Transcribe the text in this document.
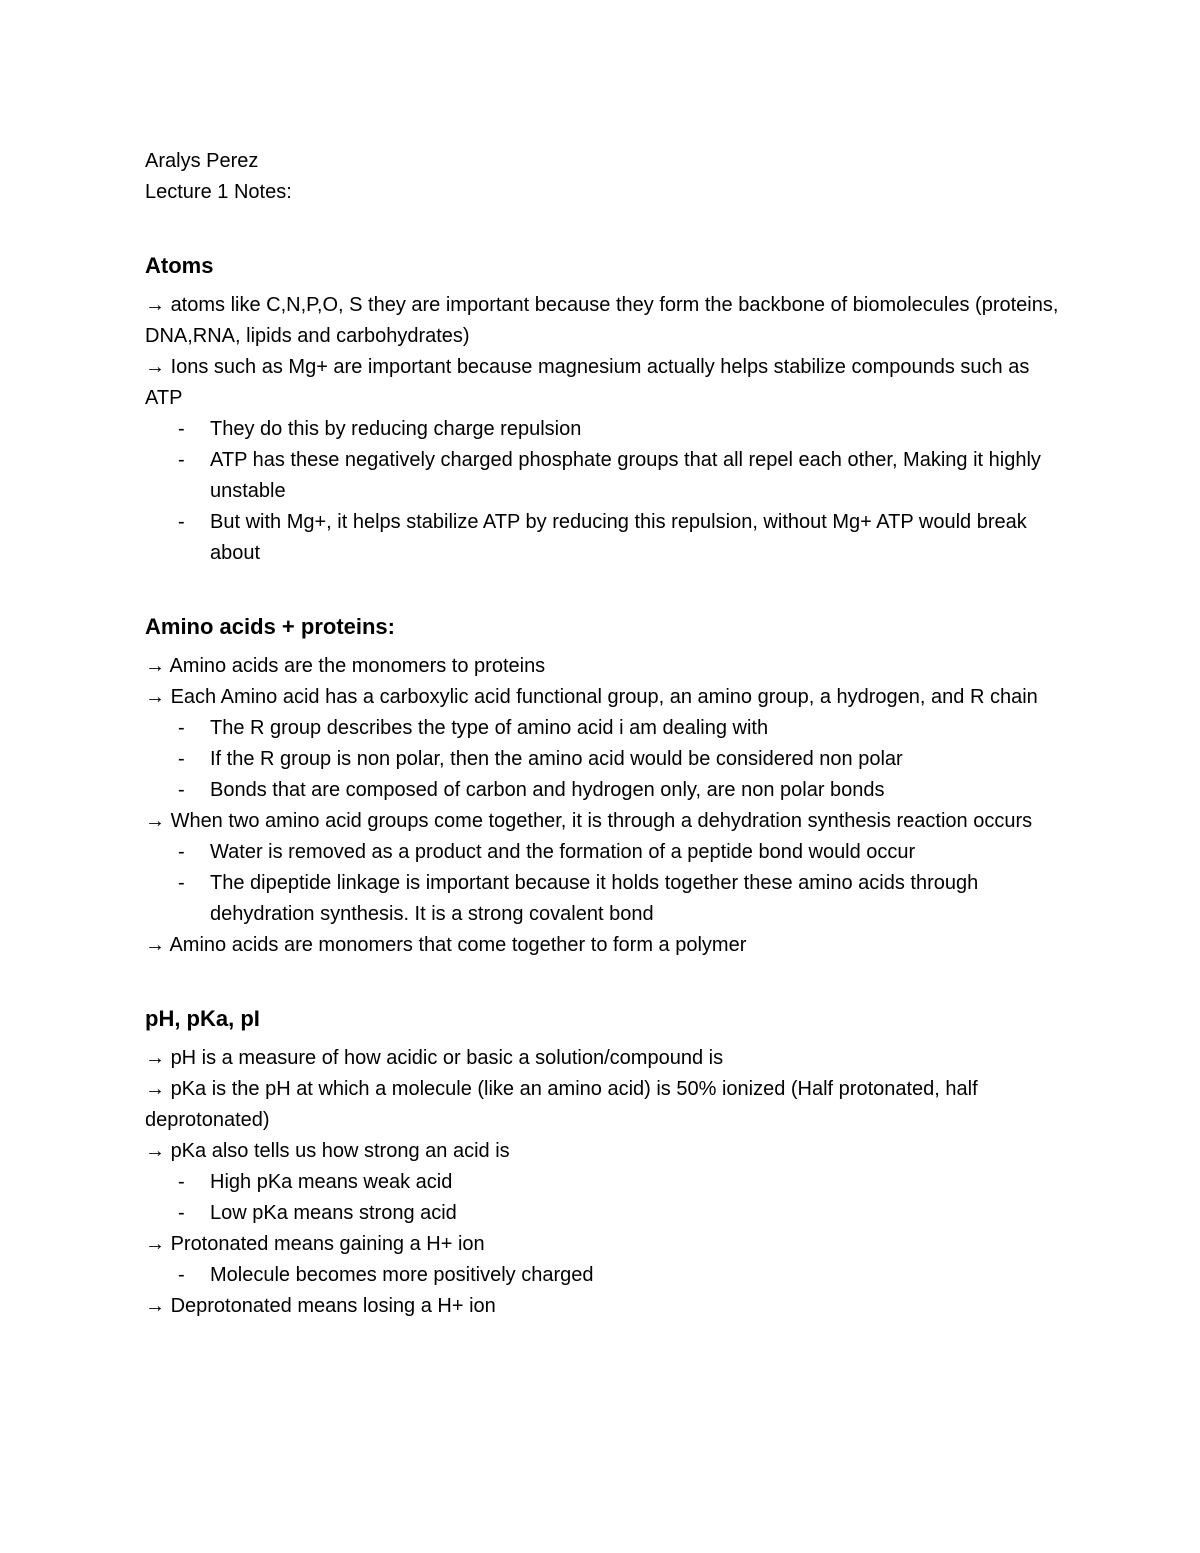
Aralys Perez

Lecture 1 Notes:

Atoms

→ atoms like C,N,P,O, S they are important because they form the backbone of biomolecules (proteins, DNA,RNA, lipids and carbohydrates)

→ Ions such as Mg+ are important because magnesium actually helps stabilize compounds such as ATP

- They do this by reducing charge repulsion

- ATP has these negatively charged phosphate groups that all repel each other, Making it highly unstable

- But with Mg+, it helps stabilize ATP by reducing this repulsion, without Mg+ ATP would break about

Amino acids + proteins:

→ Amino acids are the monomers to proteins

→ Each Amino acid has a carboxylic acid functional group, an amino group, a hydrogen, and R chain

- The R group describes the type of amino acid i am dealing with

- If the R group is non polar, then the amino acid would be considered non polar

- Bonds that are composed of carbon and hydrogen only, are non polar bonds

→ When two amino acid groups come together, it is through a dehydration synthesis reaction occurs

- Water is removed as a product and the formation of a peptide bond would occur

- The dipeptide linkage is important because it holds together these amino acids through dehydration synthesis. It is a strong covalent bond

→ Amino acids are monomers that come together to form a polymer

pH, pKa, pI

→ pH is a measure of how acidic or basic a solution/compound is

→ pKa is the pH at which a molecule (like an amino acid) is 50% ionized (Half protonated, half deprotonated)

→ pKa also tells us how strong an acid is

- High pKa means weak acid

- Low pKa means strong acid

→ Protonated means gaining a H+ ion

- Molecule becomes more positively charged

→ Deprotonated means losing a H+ ion
